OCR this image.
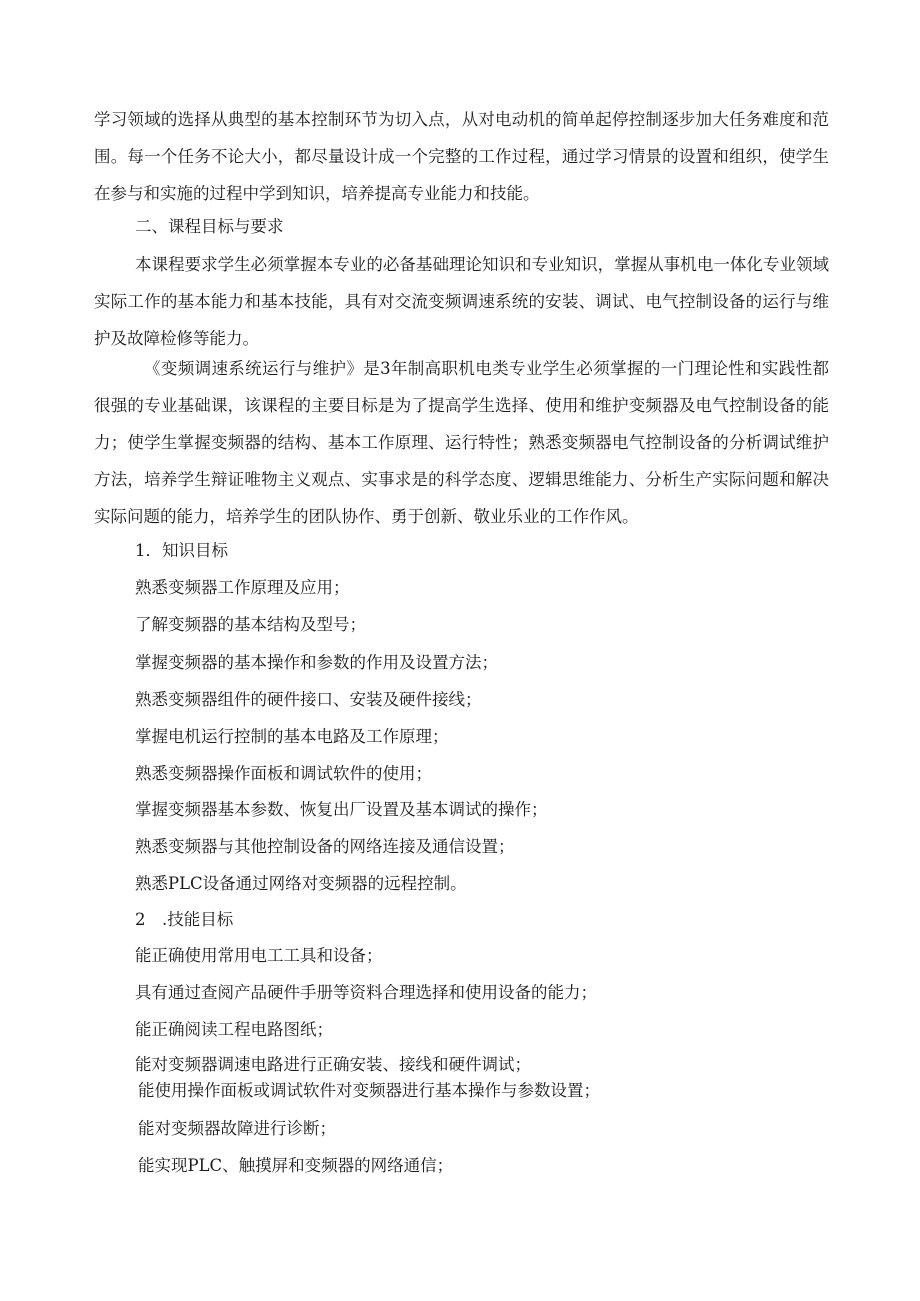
学习领域的选择从典型的基本控制环节为切入点，从对电动机的简单起停控制逐步加大任务难度和范围。每一个任务不论大小，都尽量设计成一个完整的工作过程，通过学习情景的设置和组织，使学生在参与和实施的过程中学到知识，培养提高专业能力和技能。

二、课程目标与要求

本课程要求学生必须掌握本专业的必备基础理论知识和专业知识，掌握从事机电一体化专业领域实际工作的基本能力和基本技能，具有对交流变频调速系统的安装、调试、电气控制设备的运行与维护及故障检修等能力。

《变频调速系统运行与维护》是3年制高职机电类专业学生必须掌握的一门理论性和实践性都很强的专业基础课，该课程的主要目标是为了提高学生选择、使用和维护变频器及电气控制设备的能力；使学生掌握变频器的结构、基本工作原理、运行特性；熟悉变频器电气控制设备的分析调试维护方法，培养学生辩证唯物主义观点、实事求是的科学态度、逻辑思维能力、分析生产实际问题和解决实际问题的能力，培养学生的团队协作、勇于创新、敬业乐业的工作作风。

1．知识目标

熟悉变频器工作原理及应用；

了解变频器的基本结构及型号；

掌握变频器的基本操作和参数的作用及设置方法；

熟悉变频器组件的硬件接口、安装及硬件接线；

掌握电机运行控制的基本电路及工作原理；

熟悉变频器操作面板和调试软件的使用；

掌握变频器基本参数、恢复出厂设置及基本调试的操作；

熟悉变频器与其他控制设备的网络连接及通信设置；

熟悉PLC设备通过网络对变频器的远程控制。

2　.技能目标

能正确使用常用电工工具和设备；

具有通过查阅产品硬件手册等资料合理选择和使用设备的能力；

能正确阅读工程电路图纸；

能对变频器调速电路进行正确安装、接线和硬件调试；

能使用操作面板或调试软件对变频器进行基本操作与参数设置；

能对变频器故障进行诊断；

能实现PLC、触摸屏和变频器的网络通信；
